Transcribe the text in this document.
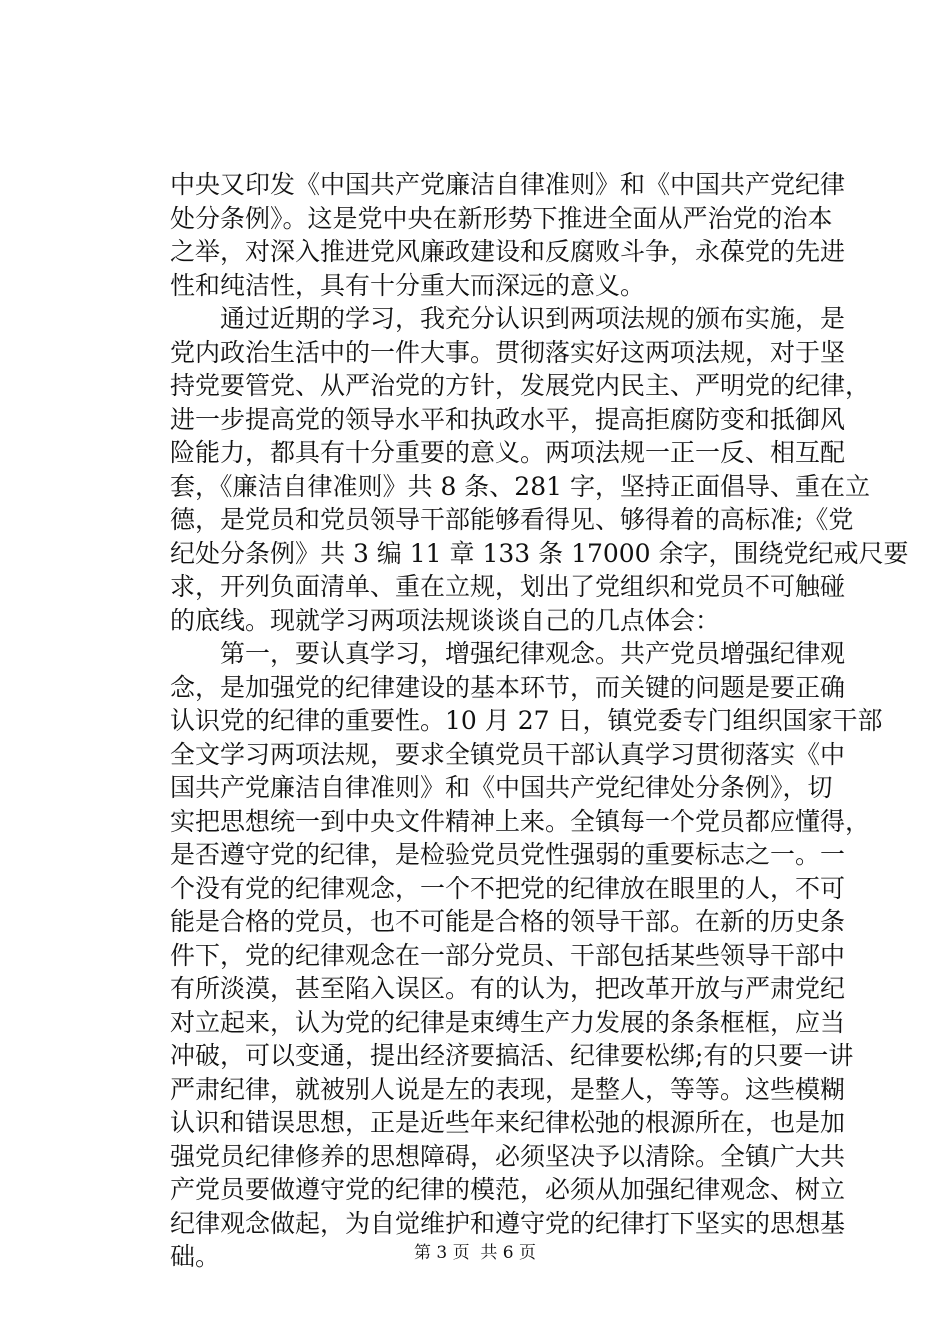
中央又印发《中国共产党廉洁自律准则》和《中国共产党纪律
处分条例》。这是党中央在新形势下推进全面从严治党的治本
之举，对深入推进党风廉政建设和反腐败斗争，永葆党的先进
性和纯洁性，具有十分重大而深远的意义。
　　通过近期的学习，我充分认识到两项法规的颁布实施，是
党内政治生活中的一件大事。贯彻落实好这两项法规，对于坚
持党要管党、从严治党的方针，发展党内民主、严明党的纪律，
进一步提高党的领导水平和执政水平，提高拒腐防变和抵御风
险能力，都具有十分重要的意义。两项法规一正一反、相互配
套，《廉洁自律准则》共 8 条、281 字，坚持正面倡导、重在立
德，是党员和党员领导干部能够看得见、够得着的高标准;《党
纪处分条例》共 3 编 11 章 133 条 17000 余字，围绕党纪戒尺要
求，开列负面清单、重在立规，划出了党组织和党员不可触碰
的底线。现就学习两项法规谈谈自己的几点体会：
　　第一，要认真学习，增强纪律观念。共产党员增强纪律观
念，是加强党的纪律建设的基本环节，而关键的问题是要正确
认识党的纪律的重要性。10 月 27 日，镇党委专门组织国家干部
全文学习两项法规，要求全镇党员干部认真学习贯彻落实《中
国共产党廉洁自律准则》和《中国共产党纪律处分条例》，切
实把思想统一到中央文件精神上来。全镇每一个党员都应懂得，
是否遵守党的纪律，是检验党员党性强弱的重要标志之一。一
个没有党的纪律观念，一个不把党的纪律放在眼里的人，不可
能是合格的党员，也不可能是合格的领导干部。在新的历史条
件下，党的纪律观念在一部分党员、干部包括某些领导干部中
有所淡漠，甚至陷入误区。有的认为，把改革开放与严肃党纪
对立起来，认为党的纪律是束缚生产力发展的条条框框，应当
冲破，可以变通，提出经济要搞活、纪律要松绑;有的只要一讲
严肃纪律，就被别人说是左的表现，是整人，等等。这些模糊
认识和错误思想，正是近些年来纪律松弛的根源所在，也是加
强党员纪律修养的思想障碍，必须坚决予以清除。全镇广大共
产党员要做遵守党的纪律的模范，必须从加强纪律观念、树立
纪律观念做起，为自觉维护和遵守党的纪律打下坚实的思想基
础。	第 3 页  共 6 页
